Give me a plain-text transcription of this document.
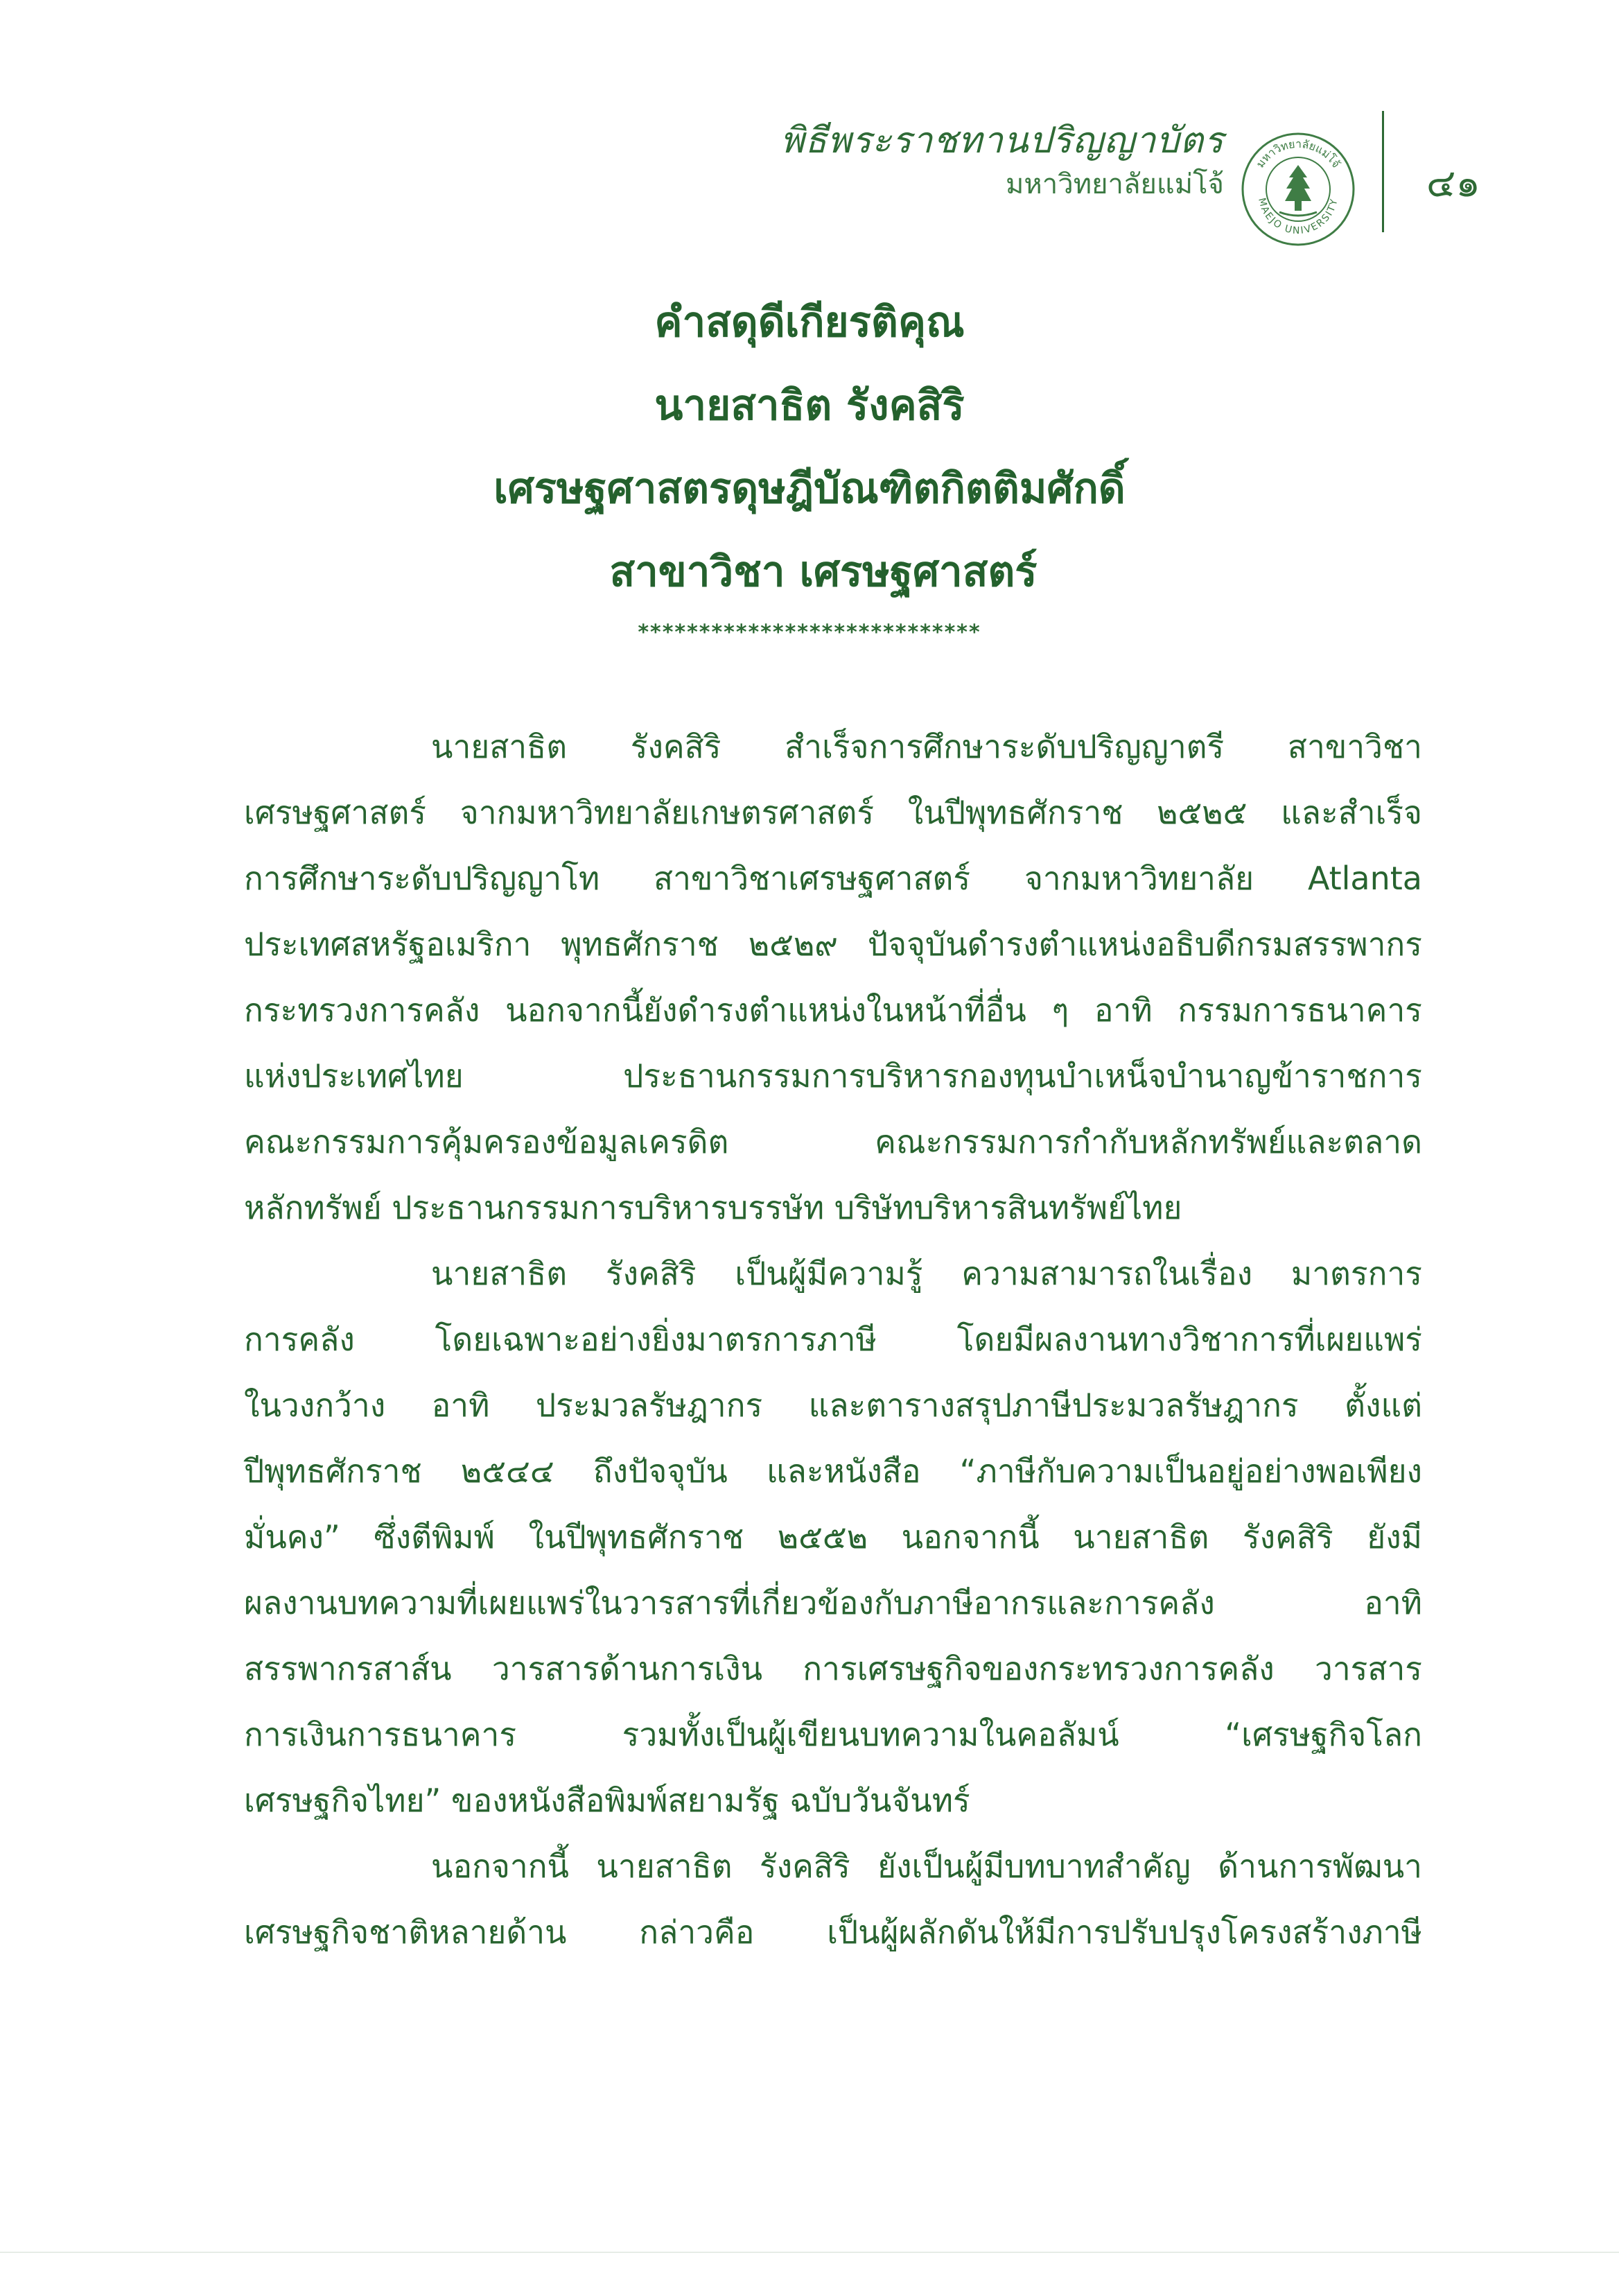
พิธีพระราชทานปริญญาบัตร
มหาวิทยาลัยแม่โจ้
มหาวิทยาลัยแม่โจ้
MAEJO UNIVERSITY ๔๑
คำสดุดีเกียรติคุณ
นายสาธิต รังคสิริ
เศรษฐศาสตรดุษฎีบัณฑิตกิตติมศักดิ์
สาขาวิชา เศรษฐศาสตร์
****************************
นายสาธิต รังคสิริ สำเร็จการศึกษาระดับปริญญาตรี สาขาวิชา
เศรษฐศาสตร์ จากมหาวิทยาลัยเกษตรศาสตร์ ในปีพุทธศักราช ๒๕๒๕ และสำเร็จ
การศึกษาระดับปริญญาโท สาขาวิชาเศรษฐศาสตร์ จากมหาวิทยาลัย Atlanta
ประเทศสหรัฐอเมริกา พุทธศักราช ๒๕๒๙ ปัจจุบันดำรงตำแหน่งอธิบดีกรมสรรพากร
กระทรวงการคลัง นอกจากนี้ยังดำรงตำแหน่งในหน้าที่อื่น ๆ อาทิ กรรมการธนาคาร
แห่งประเทศไทย ประธานกรรมการบริหารกองทุนบำเหน็จบำนาญข้าราชการ
คณะกรรมการคุ้มครองข้อมูลเครดิต คณะกรรมการกำกับหลักทรัพย์และตลาด
หลักทรัพย์ ประธานกรรมการบริหารบรรษัท บริษัทบริหารสินทรัพย์ไทย
นายสาธิต รังคสิริ เป็นผู้มีความรู้ ความสามารถในเรื่อง มาตรการ
การคลัง โดยเฉพาะอย่างยิ่งมาตรการภาษี โดยมีผลงานทางวิชาการที่เผยแพร่
ในวงกว้าง อาทิ ประมวลรัษฎากร และตารางสรุปภาษีประมวลรัษฎากร ตั้งแต่
ปีพุทธศักราช ๒๕๔๔ ถึงปัจจุบัน และหนังสือ “ภาษีกับความเป็นอยู่อย่างพอเพียง
มั่นคง” ซึ่งตีพิมพ์ ในปีพุทธศักราช ๒๕๕๒ นอกจากนี้ นายสาธิต รังคสิริ ยังมี
ผลงานบทความที่เผยแพร่ในวารสารที่เกี่ยวข้องกับภาษีอากรและการคลัง อาทิ
สรรพากรสาส์น วารสารด้านการเงิน การเศรษฐกิจของกระทรวงการคลัง วารสาร
การเงินการธนาคาร รวมทั้งเป็นผู้เขียนบทความในคอลัมน์ “เศรษฐกิจโลก
เศรษฐกิจไทย” ของหนังสือพิมพ์สยามรัฐ ฉบับวันจันทร์
นอกจากนี้ นายสาธิต รังคสิริ ยังเป็นผู้มีบทบาทสำคัญ ด้านการพัฒนา
เศรษฐกิจชาติหลายด้าน กล่าวคือ เป็นผู้ผลักดันให้มีการปรับปรุงโครงสร้างภาษี
